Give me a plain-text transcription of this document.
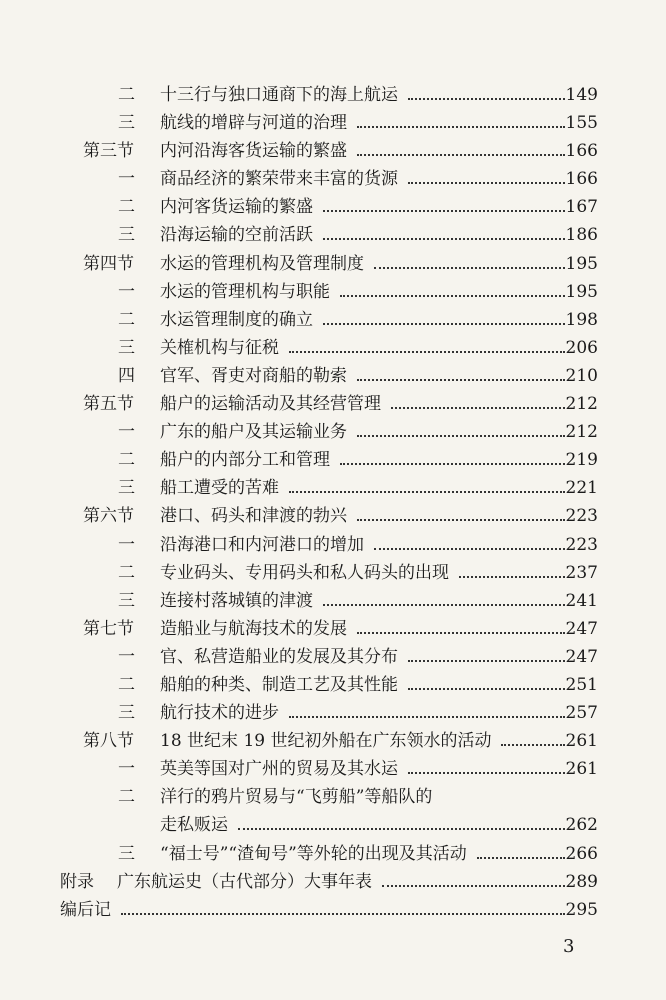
二 十三行与独口通商下的海上航运	149
三 航线的增辟与河道的治理	155
第三节 内河沿海客货运输的繁盛	166
一 商品经济的繁荣带来丰富的货源	166
二 内河客货运输的繁盛	167
三 沿海运输的空前活跃	186
第四节 水运的管理机构及管理制度	195
一 水运的管理机构与职能	195
二 水运管理制度的确立	198
三 关榷机构与征税	206
四 官军、胥吏对商船的勒索	210
第五节 船户的运输活动及其经营管理	212
一 广东的船户及其运输业务	212
二 船户的内部分工和管理	219
三 船工遭受的苦难	221
第六节 港口、码头和津渡的勃兴	223
一 沿海港口和内河港口的增加	223
二 专业码头、专用码头和私人码头的出现	237
三 连接村落城镇的津渡	241
第七节 造船业与航海技术的发展	247
一 官、私营造船业的发展及其分布	247
二 船舶的种类、制造工艺及其性能	251
三 航行技术的进步	257
第八节 18 世纪末 19 世纪初外船在广东领水的活动	261
一 英美等国对广州的贸易及其水运	261
二 洋行的鸦片贸易与“飞剪船”等船队的
走私贩运	262
三 “福士号”“渣甸号”等外轮的出现及其活动	266
附录 广东航运史（古代部分）大事年表	289
编后记	295
3
